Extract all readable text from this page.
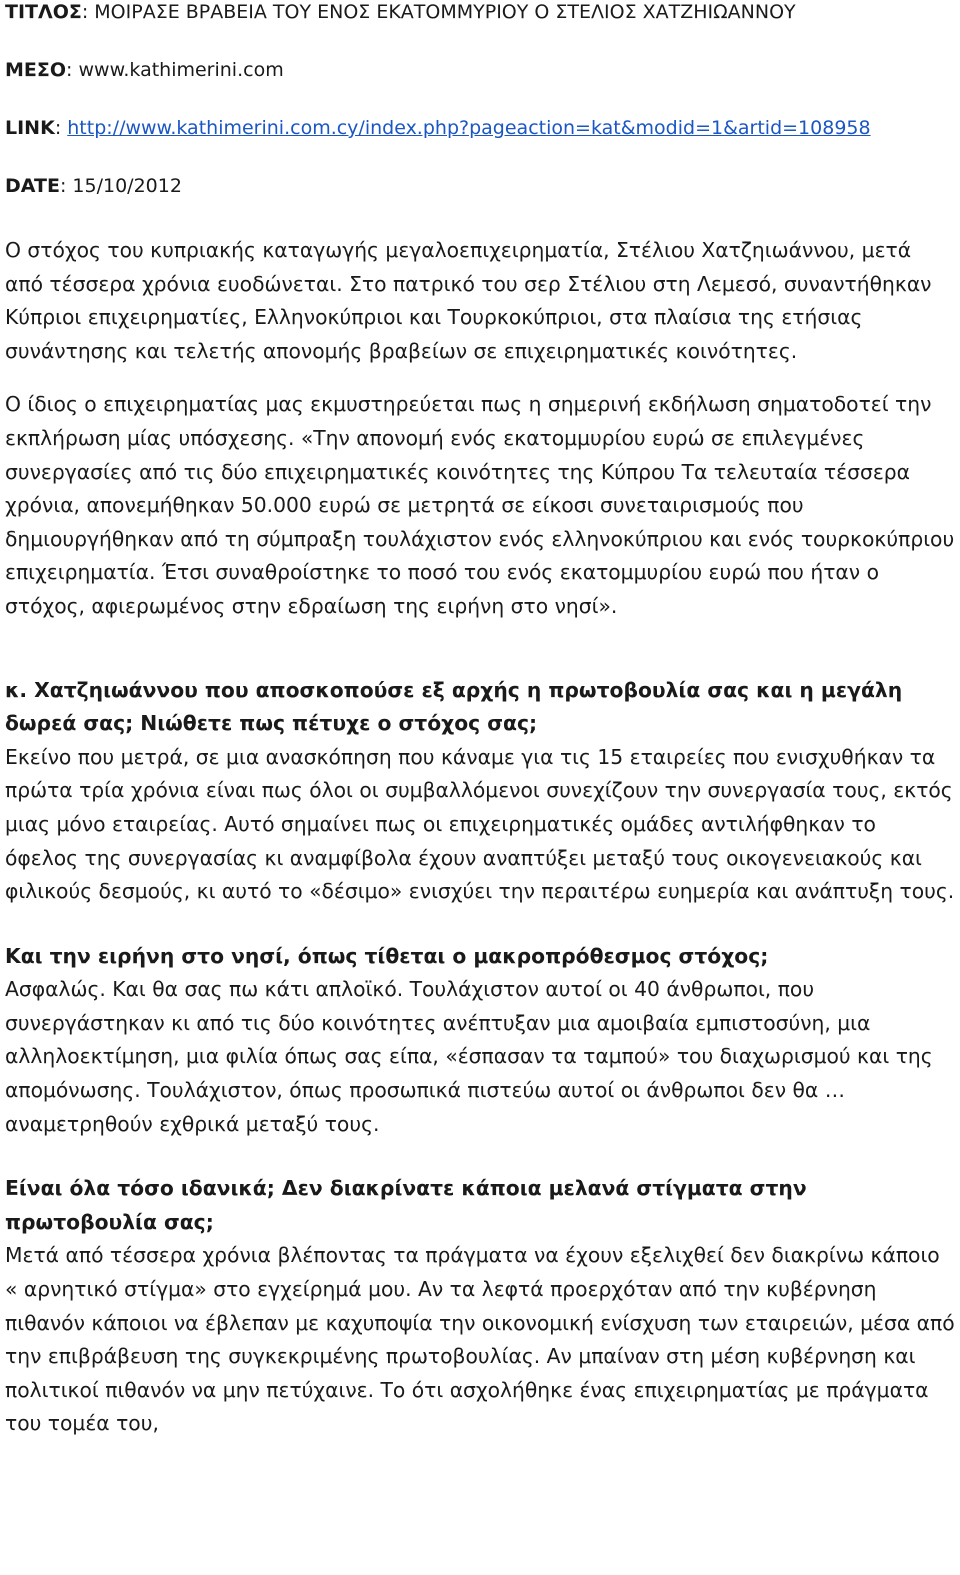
ΤΙΤΛΟΣ: ΜΟΙΡΑΣΕ ΒΡΑΒΕΙΑ ΤΟΥ ΕΝΟΣ ΕΚΑΤΟΜΜΥΡΙΟΥ Ο ΣΤΕΛΙΟΣ ΧΑΤΖΗΙΩΑΝΝΟΥ

ΜΕΣΟ: www.kathimerini.com

LINK: http://www.kathimerini.com.cy/index.php?pageaction=kat&modid=1&artid=108958

DATE: 15/10/2012

Ο στόχος του κυπριακής καταγωγής μεγαλοεπιχειρηματία, Στέλιου Χατζηιωάννου, μετά από τέσσερα χρόνια ευοδώνεται. Στο πατρικό του σερ Στέλιου στη Λεμεσό, συναντήθηκαν Κύπριοι επιχειρηματίες, Ελληνοκύπριοι και Τουρκοκύπριοι, στα πλαίσια της ετήσιας συνάντησης και τελετής απονομής βραβείων σε επιχειρηματικές κοινότητες.

Ο ίδιος ο επιχειρηματίας μας εκμυστηρεύεται πως η σημερινή εκδήλωση σηματοδοτεί την εκπλήρωση μίας υπόσχεσης. «Την απονομή ενός εκατομμυρίου ευρώ σε επιλεγμένες συνεργασίες από τις δύο επιχειρηματικές κοινότητες της Κύπρου Τα τελευταία τέσσερα χρόνια, απονεμήθηκαν 50.000 ευρώ σε μετρητά σε είκοσι συνεταιρισμούς που δημιουργήθηκαν από τη σύμπραξη τουλάχιστον ενός ελληνοκύπριου και ενός τουρκοκύπριου επιχειρηματία. Έτσι συναθροίστηκε το ποσό του ενός εκατομμυρίου ευρώ που ήταν ο στόχος, αφιερωμένος στην εδραίωση της ειρήνη στο νησί».

κ. Χατζηιωάννου που αποσκοπούσε εξ αρχής η πρωτοβουλία σας και η μεγάλη δωρεά σας; Νιώθετε πως πέτυχε ο στόχος σας;

Εκείνο που μετρά, σε μια ανασκόπηση που κάναμε για τις 15 εταιρείες που ενισχυθήκαν τα πρώτα τρία χρόνια είναι πως όλοι οι συμβαλλόμενοι συνεχίζουν την συνεργασία τους, εκτός μιας μόνο εταιρείας. Αυτό σημαίνει πως οι επιχειρηματικές ομάδες αντιλήφθηκαν το όφελος της συνεργασίας κι αναμφίβολα έχουν αναπτύξει μεταξύ τους οικογενειακούς και φιλικούς δεσμούς, κι αυτό το «δέσιμο» ενισχύει την περαιτέρω ευημερία και ανάπτυξη τους.

Και την ειρήνη στο νησί, όπως τίθεται ο μακροπρόθεσμος στόχος;

Ασφαλώς. Και θα σας πω κάτι απλοϊκό. Τουλάχιστον αυτοί οι 40 άνθρωποι, που συνεργάστηκαν κι από τις δύο κοινότητες ανέπτυξαν μια αμοιβαία εμπιστοσύνη, μια αλληλοεκτίμηση, μια φιλία όπως σας είπα, «έσπασαν τα ταμπού» του διαχωρισμού και της απομόνωσης. Τουλάχιστον, όπως προσωπικά πιστεύω αυτοί οι άνθρωποι δεν θα …αναμετρηθούν εχθρικά μεταξύ τους.

Είναι όλα τόσο ιδανικά; Δεν διακρίνατε κάποια μελανά στίγματα στην πρωτοβουλία σας;

Μετά από τέσσερα χρόνια βλέποντας τα πράγματα να έχουν εξελιχθεί δεν διακρίνω κάποιο « αρνητικό στίγμα» στο εγχείρημά μου. Αν τα λεφτά προερχόταν από την κυβέρνηση πιθανόν κάποιοι να έβλεπαν με καχυποψία την οικονομική ενίσχυση των εταιρειών, μέσα από την επιβράβευση της συγκεκριμένης πρωτοβουλίας. Αν μπαίναν στη μέση κυβέρνηση και πολιτικοί πιθανόν να μην πετύχαινε. Το ότι ασχολήθηκε ένας επιχειρηματίας με πράγματα του τομέα του,
